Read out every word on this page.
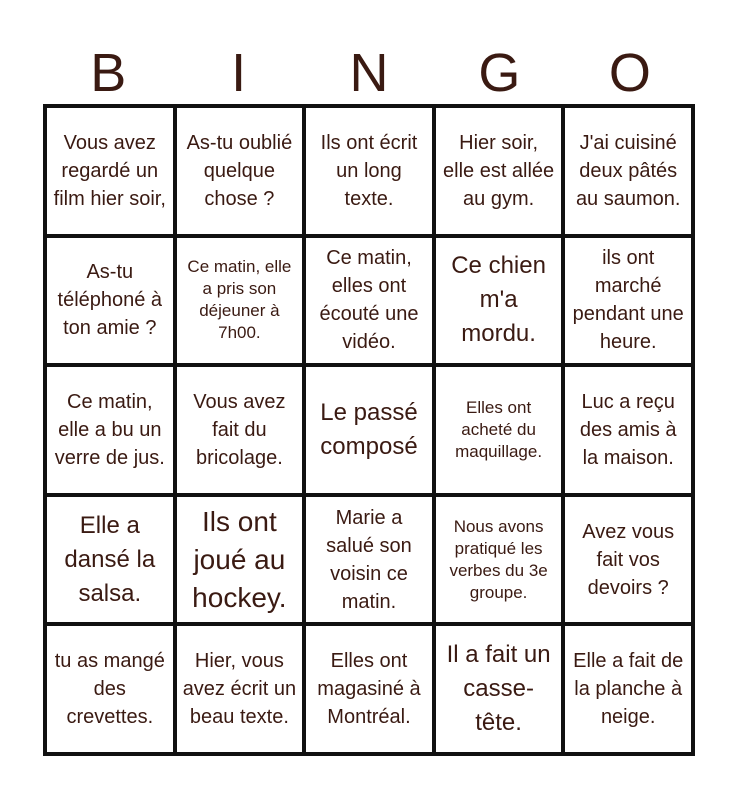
B	I	N	G	O
Vous avez regardé un film hier soir,
As-tu oublié quelque chose ?
Ils ont écrit un long texte.
Hier soir, elle est allée au gym.
J'ai cuisiné deux pâtés au saumon.
As-tu téléphoné à ton amie ?
Ce matin, elle a pris son déjeuner à 7h00.
Ce matin, elles ont écouté une vidéo.
Ce chien m'a mordu.
ils ont marché pendant une heure.
Ce matin, elle a bu un verre de jus.
Vous avez fait du bricolage.
Le passé composé
Elles ont acheté du maquillage.
Luc a reçu des amis à la maison.
Elle a dansé la salsa.
Ils ont joué au hockey.
Marie a salué son voisin ce matin.
Nous avons pratiqué les verbes du 3e groupe.
Avez vous fait vos devoirs ?
tu as mangé des crevettes.
Hier, vous avez écrit un beau texte.
Elles ont magasiné à Montréal.
Il a fait un casse-tête.
Elle a fait de la planche à neige.
